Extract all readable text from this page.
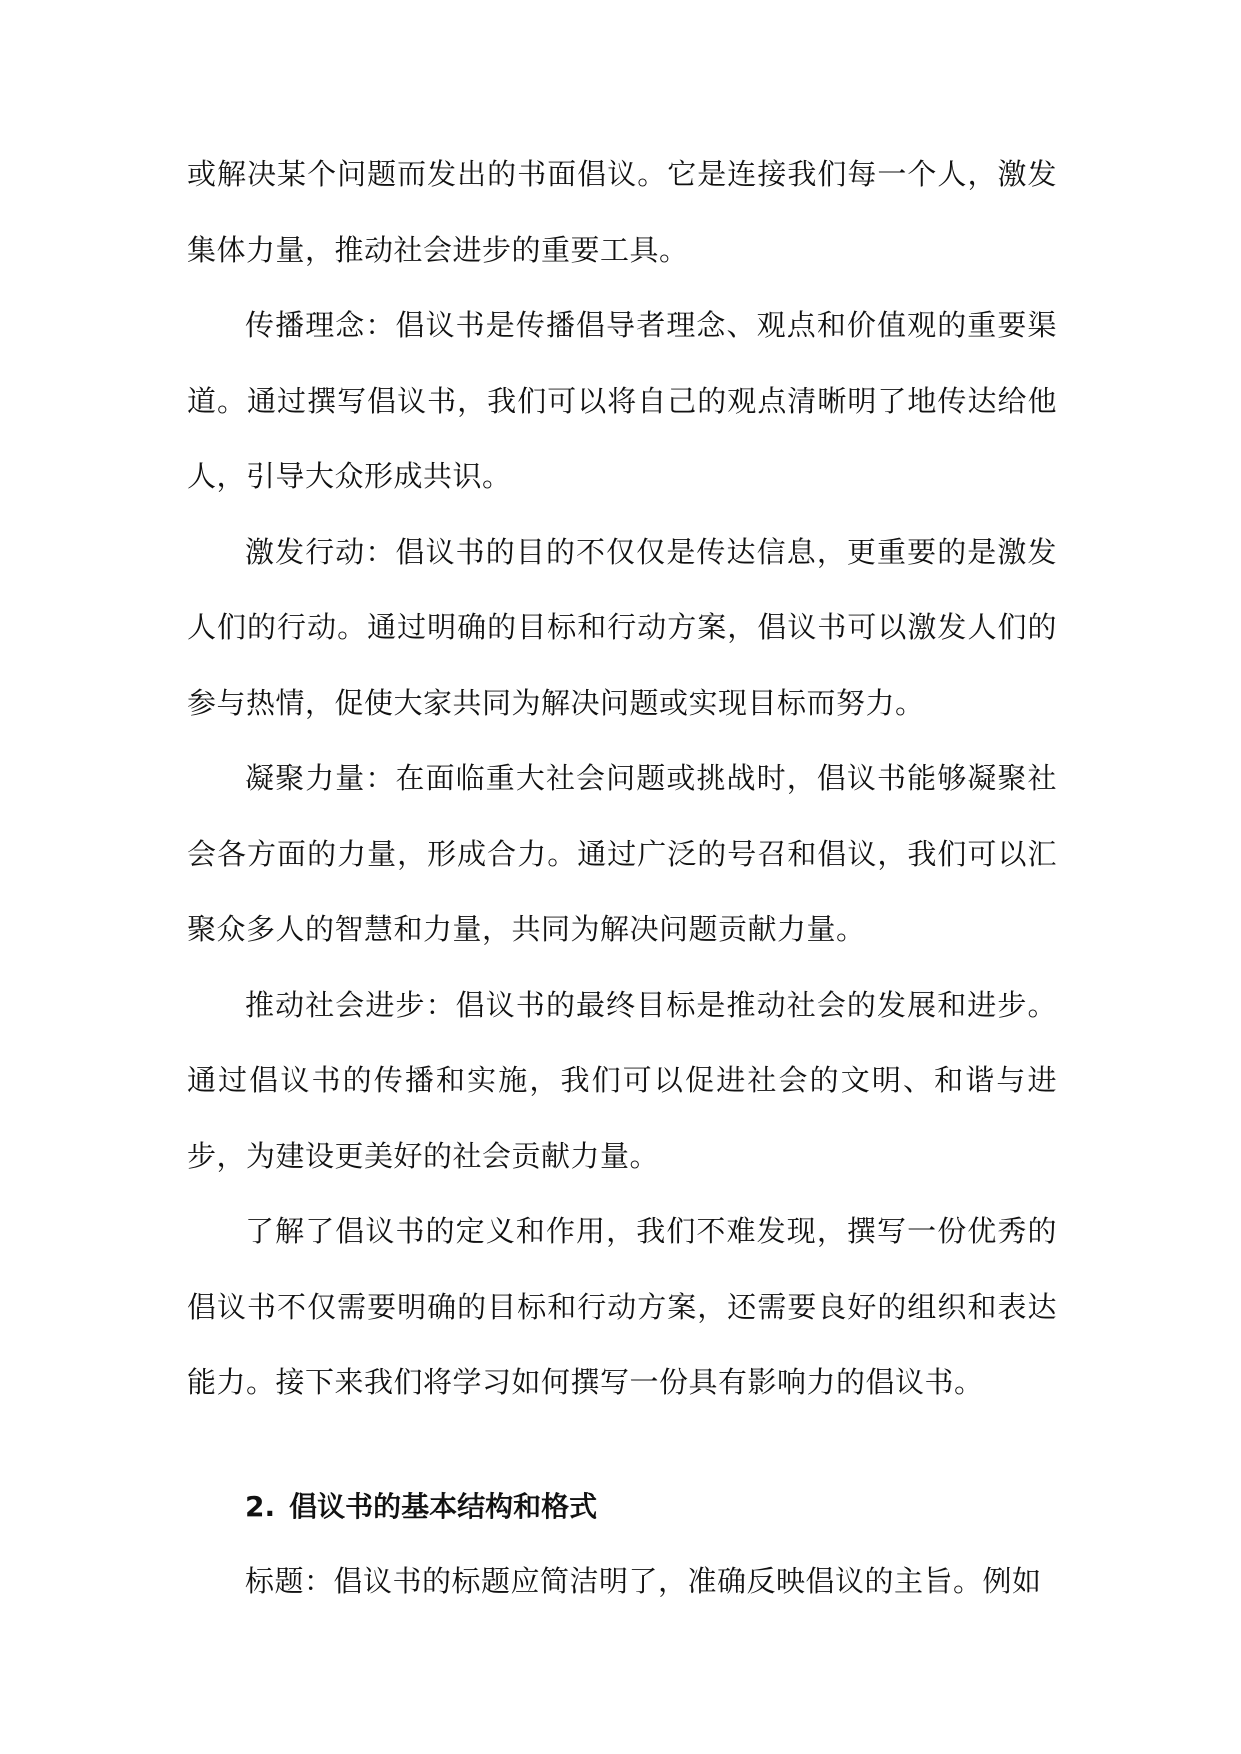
或解决某个问题而发出的书面倡议。它是连接我们每一个人，激发集体力量，推动社会进步的重要工具。

传播理念：倡议书是传播倡导者理念、观点和价值观的重要渠道。通过撰写倡议书，我们可以将自己的观点清晰明了地传达给他人，引导大众形成共识。

激发行动：倡议书的目的不仅仅是传达信息，更重要的是激发人们的行动。通过明确的目标和行动方案，倡议书可以激发人们的参与热情，促使大家共同为解决问题或实现目标而努力。

凝聚力量：在面临重大社会问题或挑战时，倡议书能够凝聚社会各方面的力量，形成合力。通过广泛的号召和倡议，我们可以汇聚众多人的智慧和力量，共同为解决问题贡献力量。

推动社会进步：倡议书的最终目标是推动社会的发展和进步。通过倡议书的传播和实施，我们可以促进社会的文明、和谐与进步，为建设更美好的社会贡献力量。

了解了倡议书的定义和作用，我们不难发现，撰写一份优秀的倡议书不仅需要明确的目标和行动方案，还需要良好的组织和表达能力。接下来我们将学习如何撰写一份具有影响力的倡议书。

2. 倡议书的基本结构和格式

标题：倡议书的标题应简洁明了，准确反映倡议的主旨。例如
